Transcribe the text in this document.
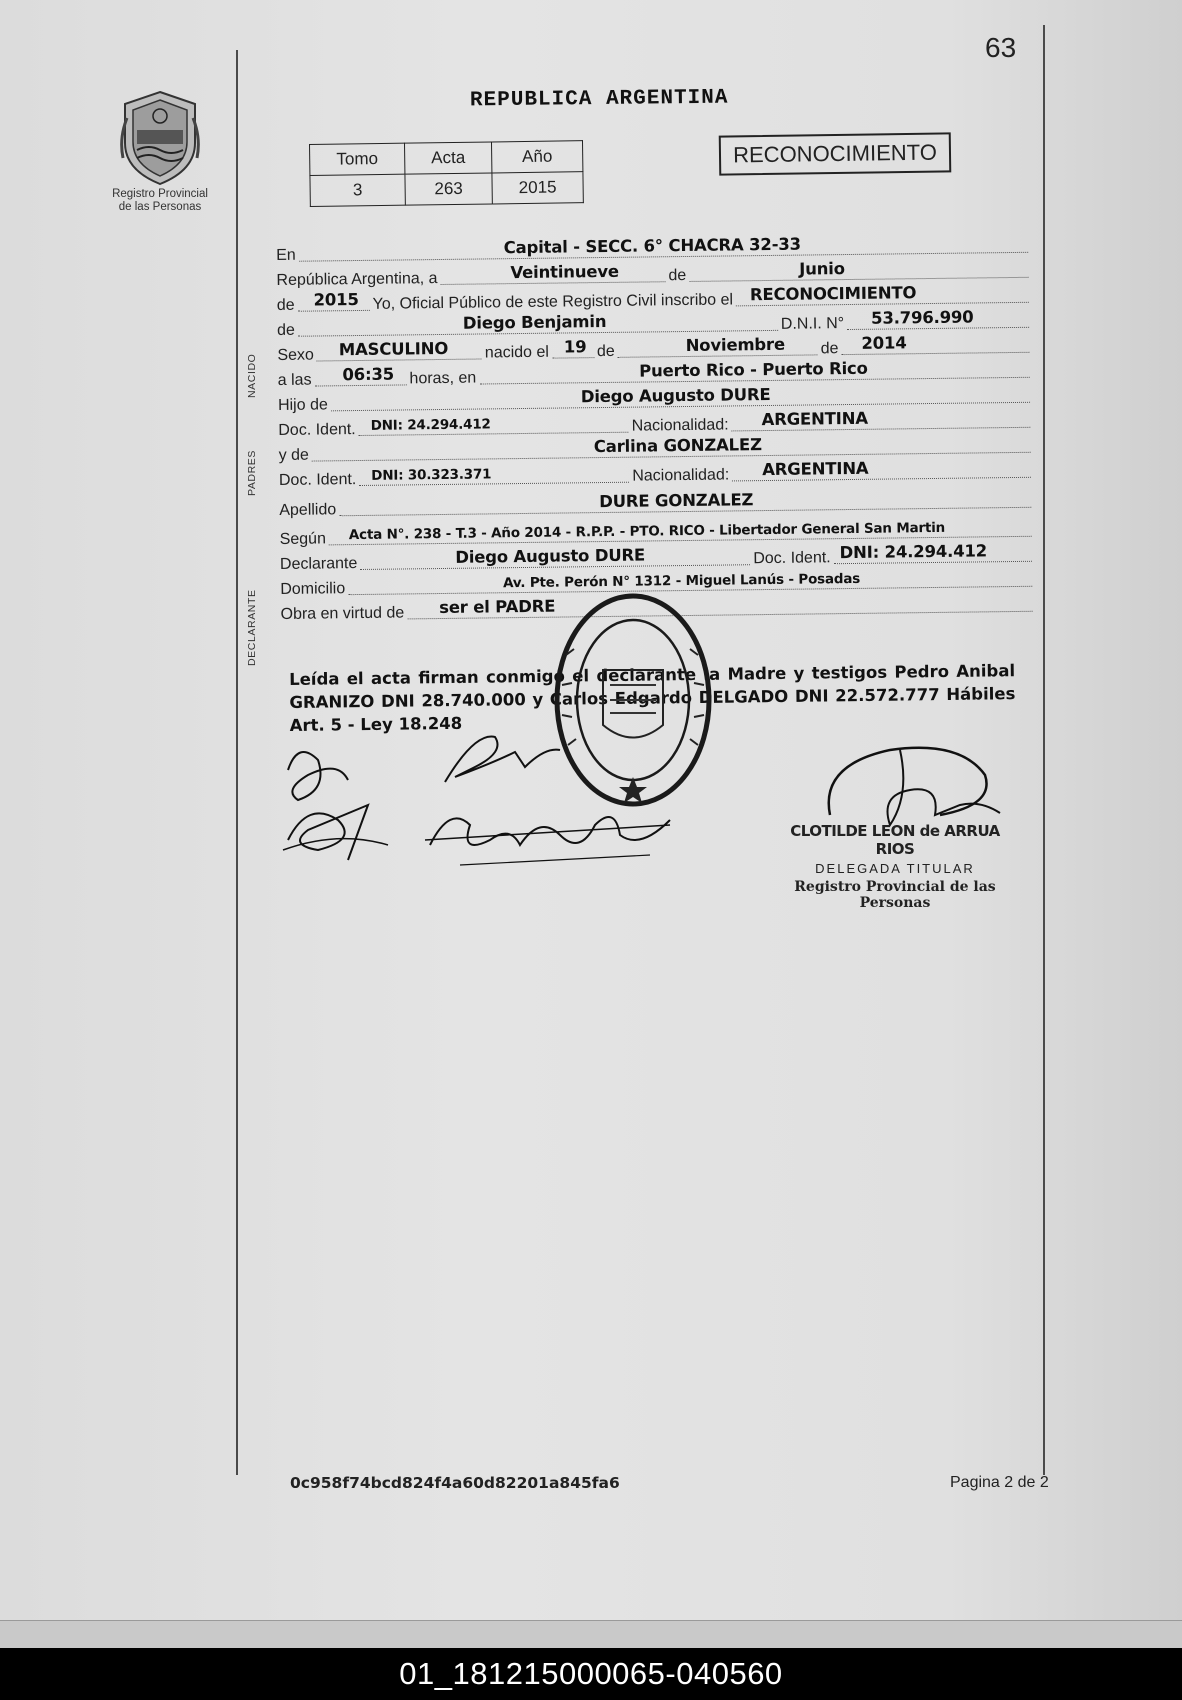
63
Registro Provincial
de las Personas
REPUBLICA ARGENTINA
Tomo	Acta	Año
3	263	2015
RECONOCIMIENTO
NACIDO
PADRES
DECLARANTE
En	Capital - SECC. 6° CHACRA 32-33
República Argentina, a	Veintinueve	de	Junio
de 2015 Yo, Oficial Público de este Registro Civil inscribo el RECONOCIMIENTO
de	Diego Benjamin	D.N.I. N° 53.796.990
Sexo MASCULINO nacido el 19 de	Noviembre de 2014
a las 06:35 horas, en	Puerto Rico - Puerto Rico
Hijo de	Diego Augusto DURE
Doc. Ident. DNI: 24.294.412	Nacionalidad: ARGENTINA
y de	Carlina GONZALEZ
Doc. Ident. DNI: 30.323.371	Nacionalidad: ARGENTINA
Apellido	DURE GONZALEZ
Según Acta N°. 238 - T.3 - Año 2014 - R.P.P. - PTO. RICO - Libertador General San Martin
Declarante	Diego Augusto DURE	Doc. Ident. DNI: 24.294.412
Domicilio	Av. Pte. Perón N° 1312 - Miguel Lanús - Posadas
Obra en virtud de ser el PADRE
Leída el acta firman conmigo el declarante la Madre y testigos Pedro Anibal GRANIZO DNI 28.740.000 y Carlos Edgardo DELGADO DNI 22.572.777 Hábiles Art. 5 - Ley 18.248
CLOTILDE LEON de ARRUA RIOS
DELEGADA TITULAR
Registro Provincial de las Personas
0c958f74bcd824f4a60d82201a845fa6	Pagina 2 de 2
01_181215000065-040560
